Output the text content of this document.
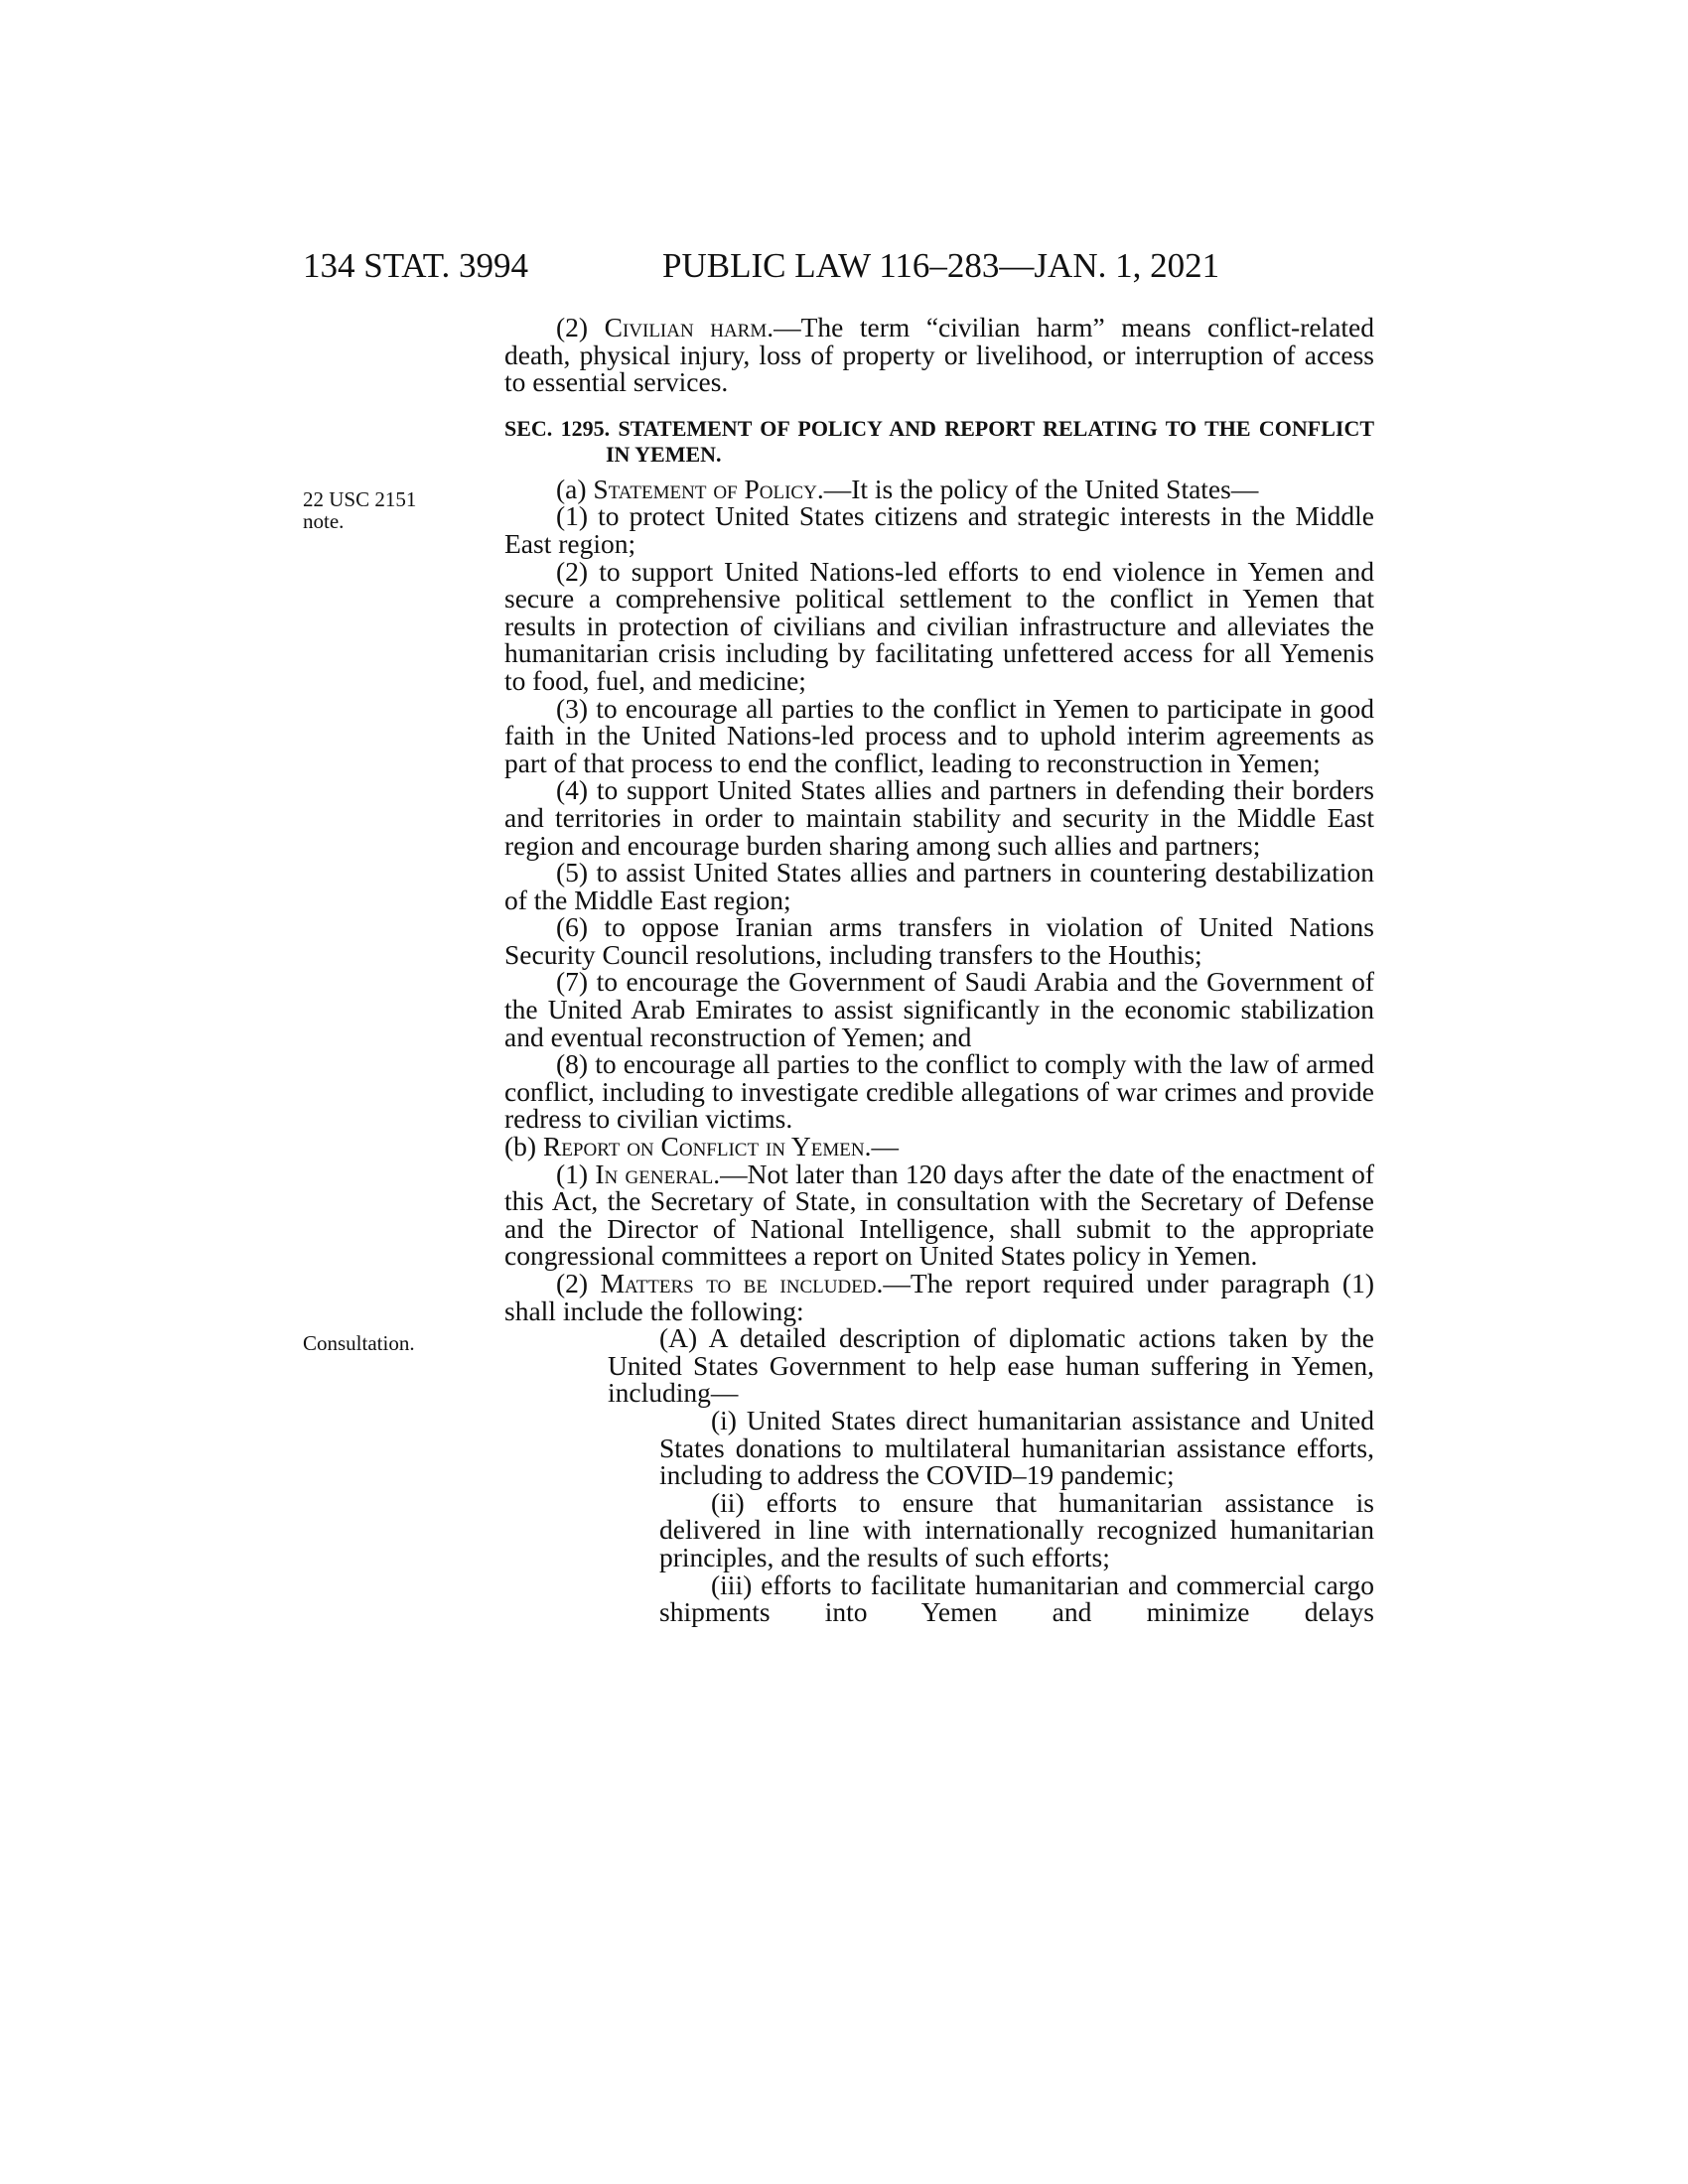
134 STAT. 3994	PUBLIC LAW 116–283—JAN. 1, 2021
22 USC 2151
note.
Consultation.

(2) Civilian harm.—The term “civilian harm” means conflict-related death, physical injury, loss of property or livelihood, or interruption of access to essential services.

SEC. 1295. STATEMENT OF POLICY AND REPORT RELATING TO THE CONFLICT IN YEMEN.

(a) Statement of Policy.—It is the policy of the United States—

(1) to protect United States citizens and strategic interests in the Middle East region;

(2) to support United Nations-led efforts to end violence in Yemen and secure a comprehensive political settlement to the conflict in Yemen that results in protection of civilians and civilian infrastructure and alleviates the humanitarian crisis including by facilitating unfettered access for all Yemenis to food, fuel, and medicine;

(3) to encourage all parties to the conflict in Yemen to participate in good faith in the United Nations-led process and to uphold interim agreements as part of that process to end the conflict, leading to reconstruction in Yemen;

(4) to support United States allies and partners in defending their borders and territories in order to maintain stability and security in the Middle East region and encourage burden sharing among such allies and partners;

(5) to assist United States allies and partners in countering destabilization of the Middle East region;

(6) to oppose Iranian arms transfers in violation of United Nations Security Council resolutions, including transfers to the Houthis;

(7) to encourage the Government of Saudi Arabia and the Government of the United Arab Emirates to assist significantly in the economic stabilization and eventual reconstruction of Yemen; and

(8) to encourage all parties to the conflict to comply with the law of armed conflict, including to investigate credible allegations of war crimes and provide redress to civilian victims.

(b) Report on Conflict in Yemen.—

(1) In general.—Not later than 120 days after the date of the enactment of this Act, the Secretary of State, in consultation with the Secretary of Defense and the Director of National Intelligence, shall submit to the appropriate congressional committees a report on United States policy in Yemen.

(2) Matters to be included.—The report required under paragraph (1) shall include the following:

(A) A detailed description of diplomatic actions taken by the United States Government to help ease human suffering in Yemen, including—

(i) United States direct humanitarian assistance and United States donations to multilateral humanitarian assistance efforts, including to address the COVID–19 pandemic;

(ii) efforts to ensure that humanitarian assistance is delivered in line with internationally recognized humanitarian principles, and the results of such efforts;

(iii) efforts to facilitate humanitarian and commercial cargo shipments into Yemen and minimize delays
